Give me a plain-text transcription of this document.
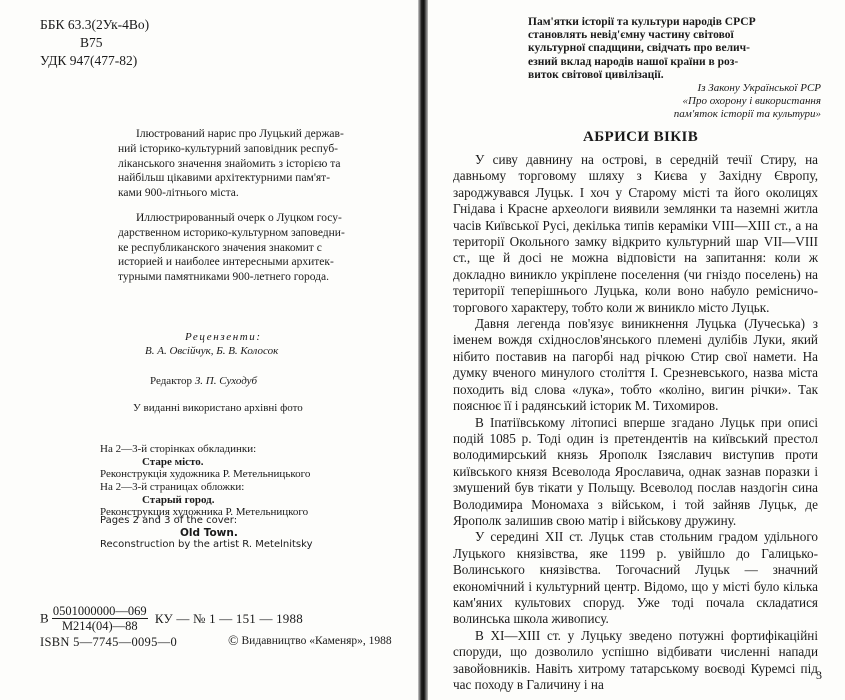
ББК 63.3(2Ук-4Во)
В75
УДК 947(477-82)
Ілюстрований нарис про Луцький держав-
ний історико-культурний заповідник респуб-
ліканського значення знайомить з історією та
найбільш цікавими архітектурними пам'ят-
ками 900-літнього міста.
Иллюстрированный очерк о Луцком госу-
дарственном историко-культурном заповедни-
ке республиканского значения знакомит с
историей и наиболее интересными архитек-
турными памятниками 900-летнего города.
Рецензенти:
В. А. Овсійчук, Б. В. Колосок
Редактор З. П. Суходуб
У виданні використано архівні фото
На 2—3-й сторінках обкладинки:
Старе місто.
Реконструкція художника Р. Метельницького
На 2—3-й страницах обложки:
Старый город.
Реконструкция художника Р. Метельницкого
Pages 2 and 3 of the cover:
Old Town.
Reconstruction by the artist R. Metelnitsky
В $\frac{0501000000—069}{М214(04)—88}$ КУ — № 1 — 151 — 1988
ISBN 5—7745—0095—0	© Видавництво «Каменяр», 1988
Пам'ятки історії та культури народів СРСР
становлять невід'ємну частину світової
культурної спадщини, свідчать про велич-
езний вклад народів нашої країни в роз-
виток світової цивілізації.
Із Закону Української РСР
«Про охорону і використання
пам'яток історії та культури»
АБРИСИ ВІКІВ

У сиву давнину на острові, в середній течії Стиру, на давньому торговому шляху з Києва у Західну Європу, зароджувався Луцьк. І хоч у Старому місті та його околицях Гнідава і Красне археологи виявили землянки та наземні житла часів Київської Русі, декілька типів кераміки VIII—XIII ст., а на території Окольного замку відкрито культурний шар VII—VIII ст., ще й досі не можна відповісти на запитання: коли ж докладно виникло укріплене поселення (чи гніздо поселень) на території теперішнього Луцька, коли воно набуло ремісничо-торгового характеру, тобто коли ж виникло місто Луцьк.

Давня легенда пов'язує виникнення Луцька (Лучеська) з іменем вождя східнослов'янського племені дулібів Луки, який нібито поставив на пагорбі над річкою Стир свої намети. На думку вченого минулого століття І. Срезневського, назва міста походить від слова «лука», тобто «коліно, вигин річки». Так пояснює її і радянський історик М. Тихомиров.

В Іпатіївському літописі вперше згадано Луцьк при описі подій 1085 р. Тоді один із претендентів на київський престол володимирський князь Ярополк Ізяславич виступив проти київського князя Всеволода Ярославича, однак зазнав поразки і змушений був тікати у Польщу. Всеволод послав наздогін сина Володимира Мономаха з військом, і той зайняв Луцьк, де Ярополк залишив свою матір і військову дружину.

У середині XII ст. Луцьк став стольним градом удільного Луцького князівства, яке 1199 р. увійшло до Галицько-Волинського князівства. Тогочасний Луцьк — значний економічний і культурний центр. Відомо, що у місті було кілька кам'яних культових споруд. Уже тоді почала складатися волинська школа живопису.

В XI—XIII ст. у Луцьку зведено потужні фортифікаційні споруди, що дозволило успішно відбивати численні напади завойовників. Навіть хитрому татарському воєводі Куремсі під час походу в Галичину і на

3
